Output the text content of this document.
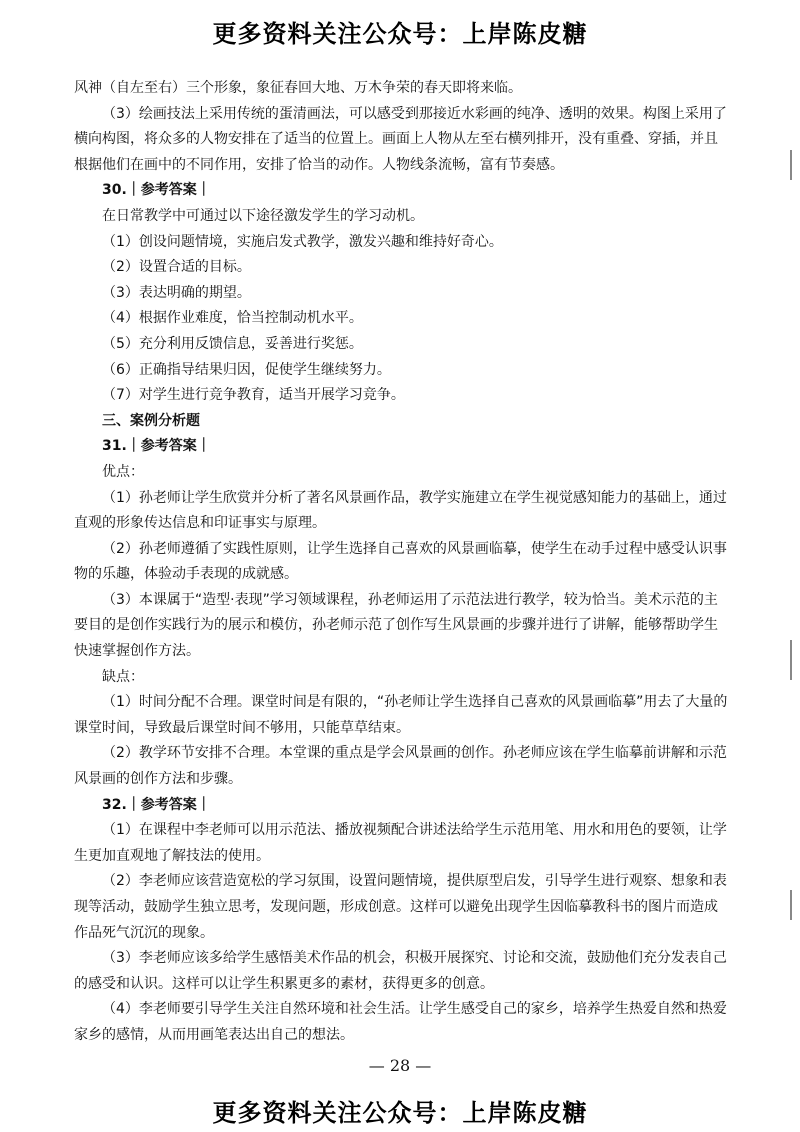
更多资料关注公众号：上岸陈皮糖

风神（自左至右）三个形象，象征春回大地、万木争荣的春天即将来临。

（3）绘画技法上采用传统的蛋清画法，可以感受到那接近水彩画的纯净、透明的效果。构图上采用了横向构图，将众多的人物安排在了适当的位置上。画面上人物从左至右横列排开，没有重叠、穿插，并且根据他们在画中的不同作用，安排了恰当的动作。人物线条流畅，富有节奏感。

30.｜参考答案｜

在日常教学中可通过以下途径激发学生的学习动机。

（1）创设问题情境，实施启发式教学，激发兴趣和维持好奇心。

（2）设置合适的目标。

（3）表达明确的期望。

（4）根据作业难度，恰当控制动机水平。

（5）充分利用反馈信息，妥善进行奖惩。

（6）正确指导结果归因，促使学生继续努力。

（7）对学生进行竞争教育，适当开展学习竞争。

三、案例分析题

31.｜参考答案｜

优点：

（1）孙老师让学生欣赏并分析了著名风景画作品，教学实施建立在学生视觉感知能力的基础上，通过直观的形象传达信息和印证事实与原理。

（2）孙老师遵循了实践性原则，让学生选择自己喜欢的风景画临摹，使学生在动手过程中感受认识事物的乐趣，体验动手表现的成就感。

（3）本课属于“造型·表现”学习领域课程，孙老师运用了示范法进行教学，较为恰当。美术示范的主要目的是创作实践行为的展示和模仿，孙老师示范了创作写生风景画的步骤并进行了讲解，能够帮助学生快速掌握创作方法。

缺点：

（1）时间分配不合理。课堂时间是有限的，“孙老师让学生选择自己喜欢的风景画临摹”用去了大量的课堂时间，导致最后课堂时间不够用，只能草草结束。

（2）教学环节安排不合理。本堂课的重点是学会风景画的创作。孙老师应该在学生临摹前讲解和示范风景画的创作方法和步骤。

32.｜参考答案｜

（1）在课程中李老师可以用示范法、播放视频配合讲述法给学生示范用笔、用水和用色的要领，让学生更加直观地了解技法的使用。

（2）李老师应该营造宽松的学习氛围，设置问题情境，提供原型启发，引导学生进行观察、想象和表现等活动，鼓励学生独立思考，发现问题，形成创意。这样可以避免出现学生因临摹教科书的图片而造成作品死气沉沉的现象。

（3）李老师应该多给学生感悟美术作品的机会，积极开展探究、讨论和交流，鼓励他们充分发表自己的感受和认识。这样可以让学生积累更多的素材，获得更多的创意。

（4）李老师要引导学生关注自然环境和社会生活。让学生感受自己的家乡，培养学生热爱自然和热爱家乡的感情，从而用画笔表达出自己的想法。

— 28 —
更多资料关注公众号：上岸陈皮糖
